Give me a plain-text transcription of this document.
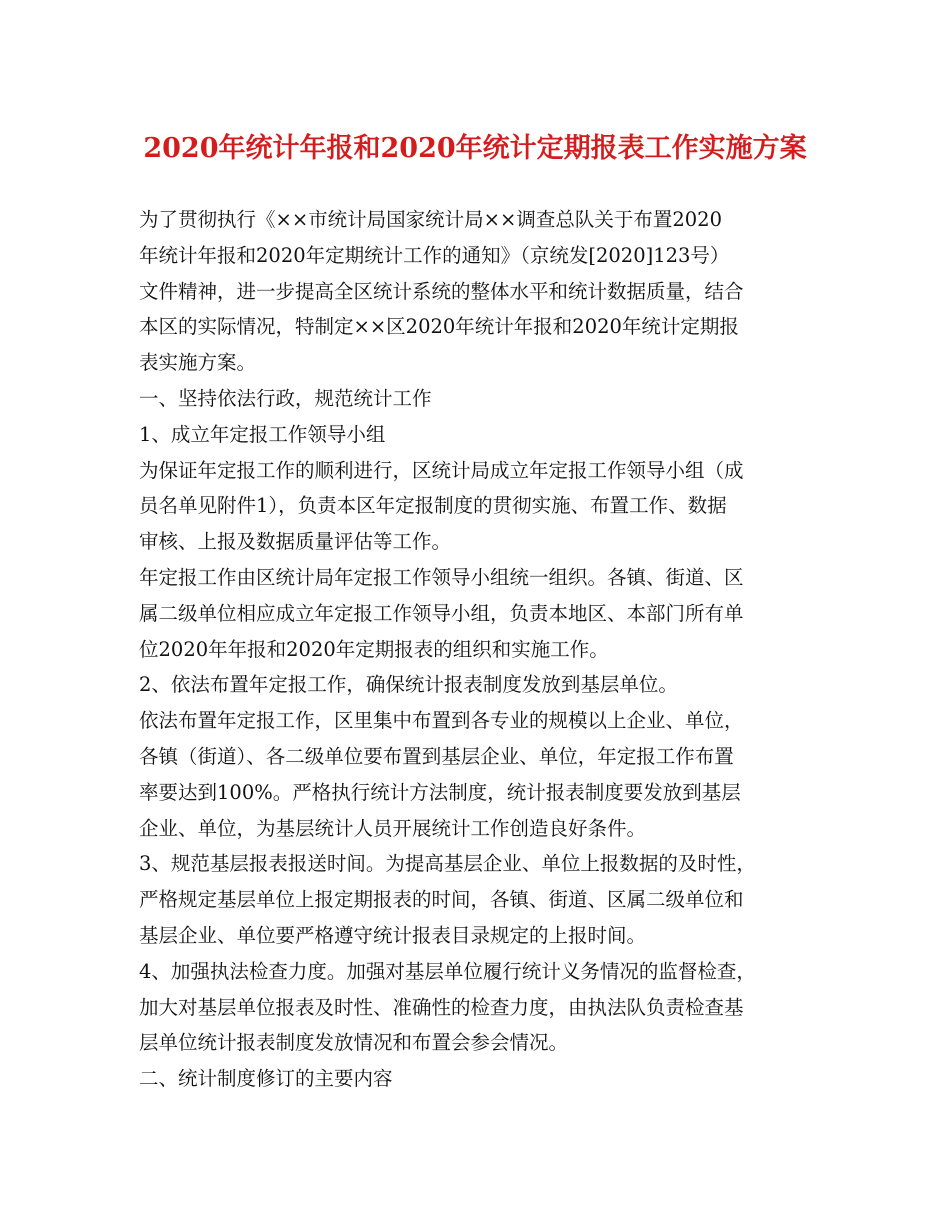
2020年统计年报和2020年统计定期报表工作实施方案
为了贯彻执行《××市统计局国家统计局××调查总队关于布置2020
年统计年报和2020年定期统计工作的通知》（京统发[2020]123号）
文件精神，进一步提高全区统计系统的整体水平和统计数据质量，结合
本区的实际情况，特制定××区2020年统计年报和2020年统计定期报
表实施方案。
一、坚持依法行政，规范统计工作
1、成立年定报工作领导小组
为保证年定报工作的顺利进行，区统计局成立年定报工作领导小组（成
员名单见附件1），负责本区年定报制度的贯彻实施、布置工作、数据
审核、上报及数据质量评估等工作。
年定报工作由区统计局年定报工作领导小组统一组织。各镇、街道、区
属二级单位相应成立年定报工作领导小组，负责本地区、本部门所有单
位2020年年报和2020年定期报表的组织和实施工作。
2、依法布置年定报工作，确保统计报表制度发放到基层单位。
依法布置年定报工作，区里集中布置到各专业的规模以上企业、单位，
各镇（街道）、各二级单位要布置到基层企业、单位，年定报工作布置
率要达到100%。严格执行统计方法制度，统计报表制度要发放到基层
企业、单位，为基层统计人员开展统计工作创造良好条件。
3、规范基层报表报送时间。为提高基层企业、单位上报数据的及时性，
严格规定基层单位上报定期报表的时间，各镇、街道、区属二级单位和
基层企业、单位要严格遵守统计报表目录规定的上报时间。
4、加强执法检查力度。加强对基层单位履行统计义务情况的监督检查，
加大对基层单位报表及时性、准确性的检查力度，由执法队负责检查基
层单位统计报表制度发放情况和布置会参会情况。
二、统计制度修订的主要内容
